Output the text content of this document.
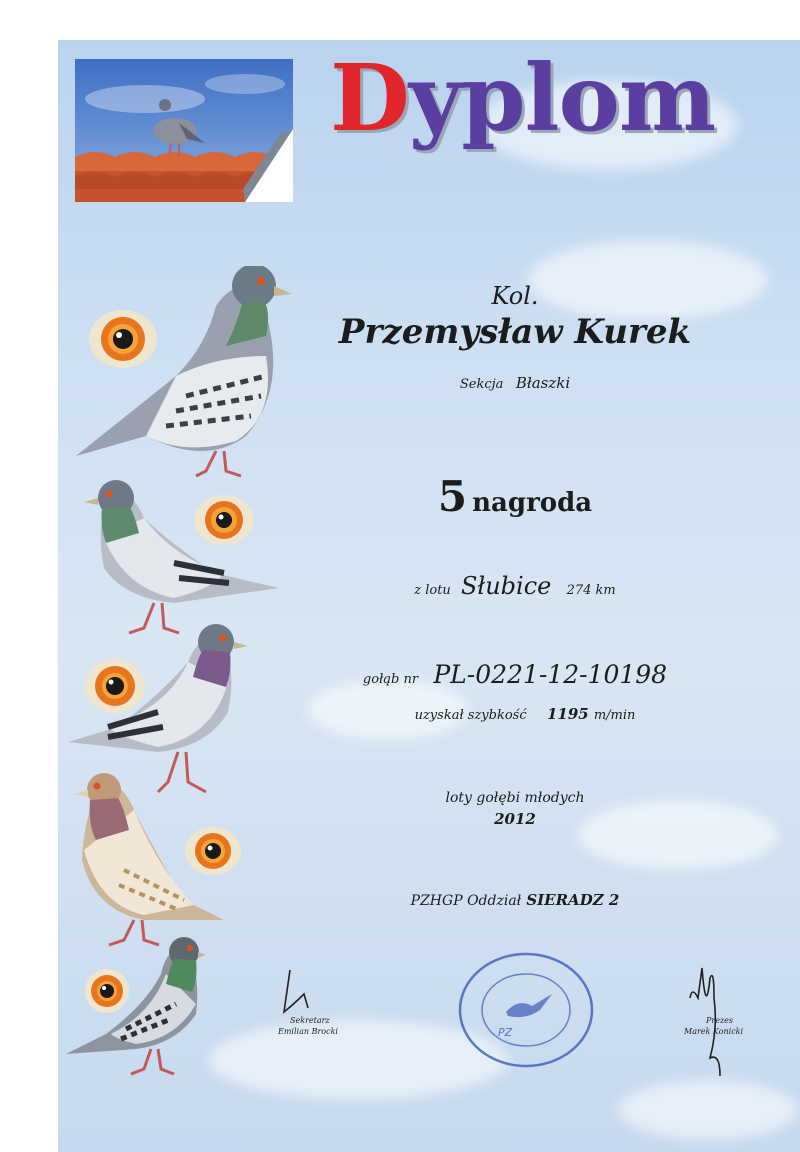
Dyplom
Kol.
Przemysław Kurek
Sekcja Błaszki
5 nagroda
z lotu Słubice 274 km
gołąb nr PL-0221-12-10198
uzyskał szybkość 1195 m/min
loty gołębi młodych
2012
PZHGP Oddział SIERADZ 2
Sekretarz
Emilian Brocki
Prezes
Marek Konicki
PZ
